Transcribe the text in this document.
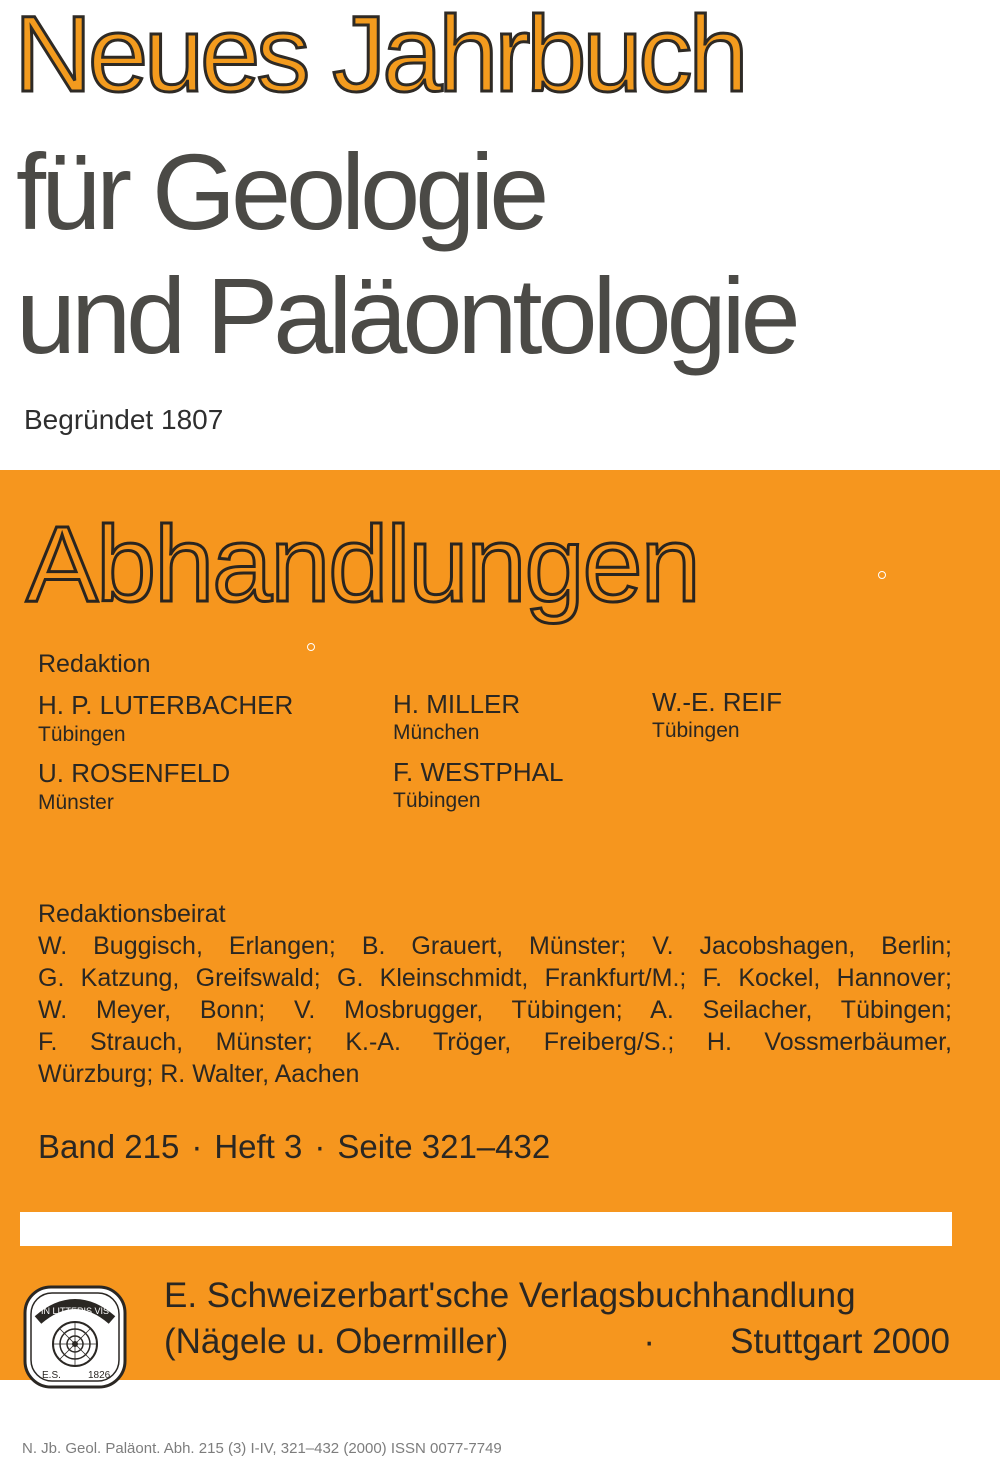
Neues Jahrbuch
für Geologie
und Paläontologie
Begründet 1807
Abhandlungen
Redaktion
H. P. LUTERBACHER
Tübingen
H. MILLER
München
W.-E. REIF
Tübingen
U. ROSENFELD
Münster
F. WESTPHAL
Tübingen
Redaktionsbeirat
W. Buggisch, Erlangen; B. Grauert, Münster; V. Jacobshagen, Berlin;
G. Katzung, Greifswald; G. Kleinschmidt, Frankfurt/M.; F. Kockel, Hannover;
W. Meyer, Bonn; V. Mosbrugger, Tübingen; A. Seilacher, Tübingen;
F. Strauch, Münster; K.-A. Tröger, Freiberg/S.; H. Vossmerbäumer,
Würzburg; R. Walter, Aachen
Band 215 · Heft 3 · Seite 321–432
IN LITTERIS VIS
E.S.	1826
E. Schweizerbart'sche Verlagsbuchhandlung
(Nägele u. Obermiller)	· Stuttgart 2000
N. Jb. Geol. Paläont. Abh. 215 (3) I-IV, 321–432 (2000) ISSN 0077-7749
